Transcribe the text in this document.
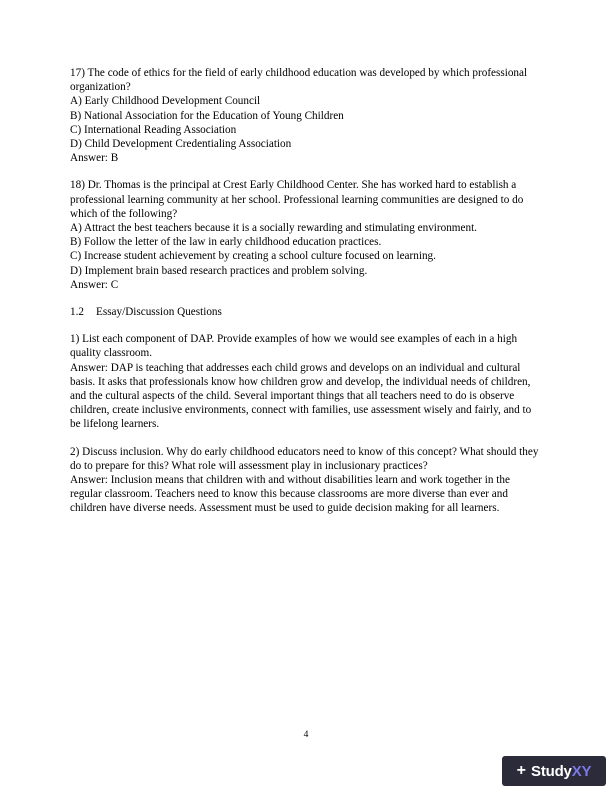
17) The code of ethics for the field of early childhood education was developed by which professional organization?

A) Early Childhood Development Council

B) National Association for the Education of Young Children

C) International Reading Association

D) Child Development Credentialing Association

Answer: B

18) Dr. Thomas is the principal at Crest Early Childhood Center. She has worked hard to establish a professional learning community at her school. Professional learning communities are designed to do which of the following?

A) Attract the best teachers because it is a socially rewarding and stimulating environment.

B) Follow the letter of the law in early childhood education practices.

C) Increase student achievement by creating a school culture focused on learning.

D) Implement brain based research practices and problem solving.

Answer: C

1.2 Essay/Discussion Questions

1) List each component of DAP. Provide examples of how we would see examples of each in a high quality classroom.

Answer: DAP is teaching that addresses each child grows and develops on an individual and cultural basis. It asks that professionals know how children grow and develop, the individual needs of children, and the cultural aspects of the child. Several important things that all teachers need to do is observe children, create inclusive environments, connect with families, use assessment wisely and fairly, and to be lifelong learners.

2) Discuss inclusion. Why do early childhood educators need to know of this concept? What should they do to prepare for this? What role will assessment play in inclusionary practices?

Answer: Inclusion means that children with and without disabilities learn and work together in the regular classroom. Teachers need to know this because classrooms are more diverse than ever and children have diverse needs. Assessment must be used to guide decision making for all learners.

4
+ Study XY
